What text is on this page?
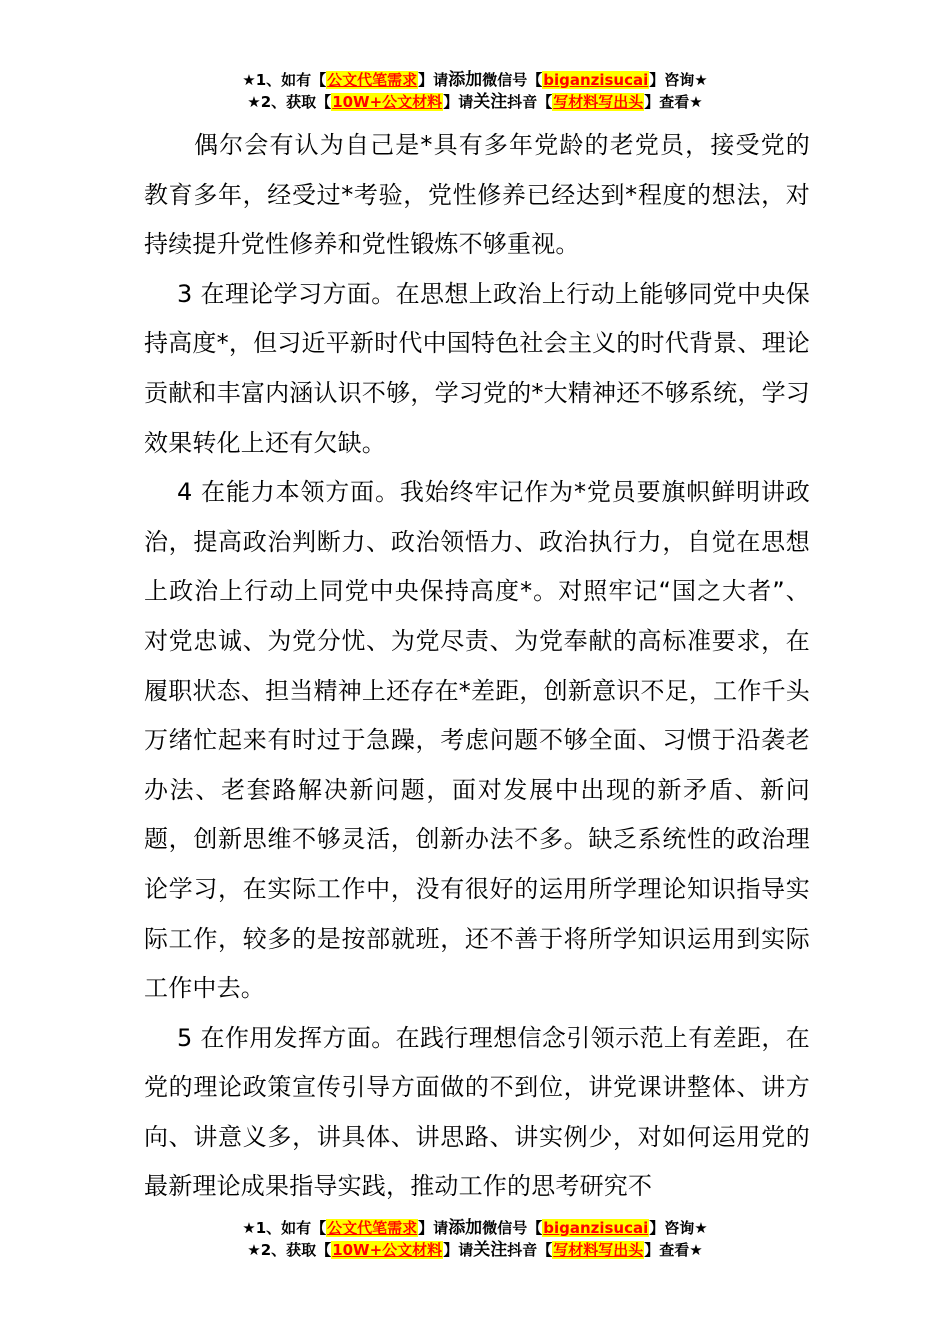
★1、如有【公文代笔需求】请添加微信号【biganzisucai】咨询★
★2、获取【10W+公文材料】请关注抖音【写材料写出头】查看★

偶尔会有认为自己是*具有多年党龄的老党员，接受党的教育多年，经受过*考验，党性修养已经达到*程度的想法，对持续提升党性修养和党性锻炼不够重视。

3 在理论学习方面。在思想上政治上行动上能够同党中央保持高度*，但习近平新时代中国特色社会主义的时代背景、理论贡献和丰富内涵认识不够，学习党的*大精神还不够系统，学习效果转化上还有欠缺。

4 在能力本领方面。我始终牢记作为*党员要旗帜鲜明讲政治，提高政治判断力、政治领悟力、政治执行力，自觉在思想上政治上行动上同党中央保持高度*。对照牢记“国之大者”、对党忠诚、为党分忧、为党尽责、为党奉献的高标准要求，在履职状态、担当精神上还存在*差距，创新意识不足，工作千头万绪忙起来有时过于急躁，考虑问题不够全面、习惯于沿袭老办法、老套路解决新问题，面对发展中出现的新矛盾、新问题，创新思维不够灵活，创新办法不多。缺乏系统性的政治理论学习，在实际工作中，没有很好的运用所学理论知识指导实际工作，较多的是按部就班，还不善于将所学知识运用到实际工作中去。

5 在作用发挥方面。在践行理想信念引领示范上有差距，在党的理论政策宣传引导方面做的不到位，讲党课讲整体、讲方向、讲意义多，讲具体、讲思路、讲实例少，对如何运用党的最新理论成果指导实践，推动工作的思考研究不

★1、如有【公文代笔需求】请添加微信号【biganzisucai】咨询★
★2、获取【10W+公文材料】请关注抖音【写材料写出头】查看★
